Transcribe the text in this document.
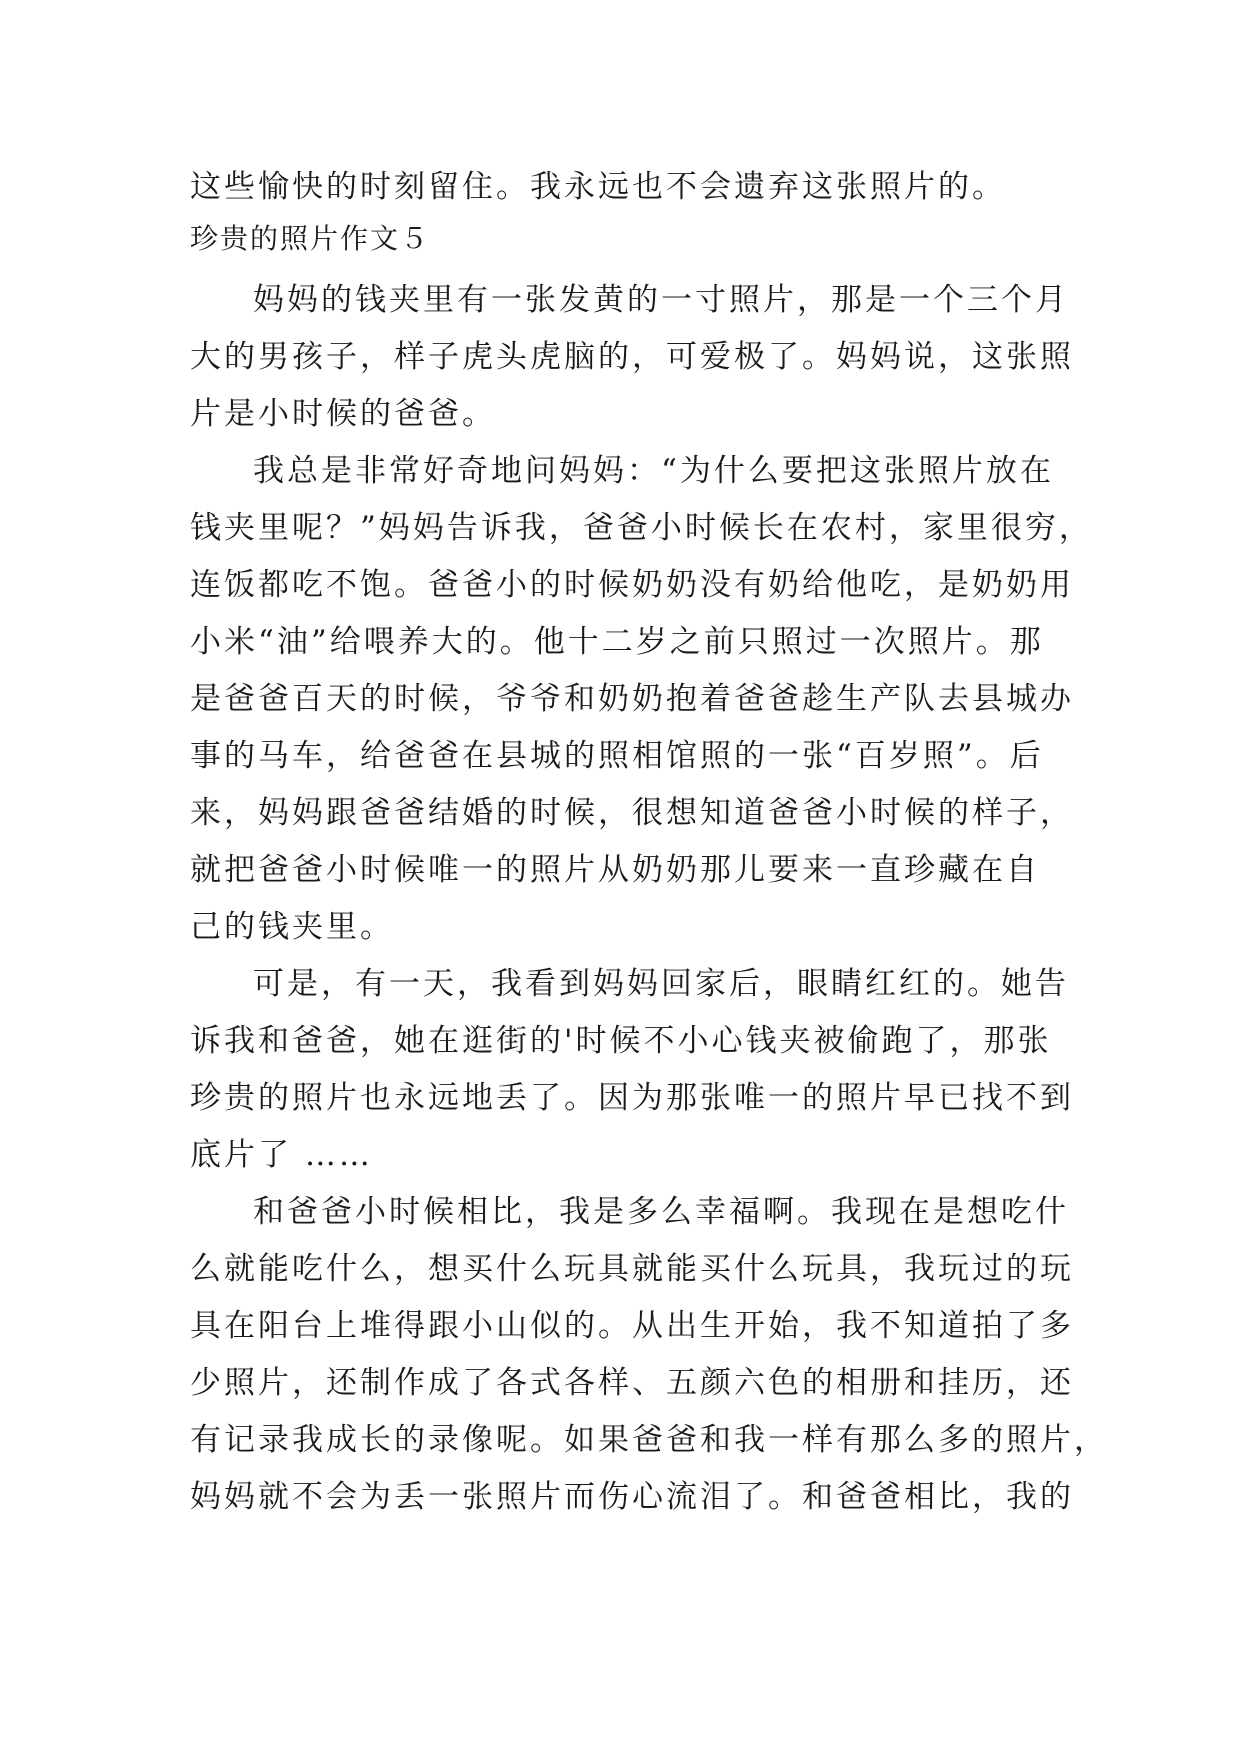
这些愉快的时刻留住。我永远也不会遗弃这张照片的。
珍贵的照片作文５
妈妈的钱夹里有一张发黄的一寸照片，那是一个三个月
大的男孩子，样子虎头虎脑的，可爱极了。妈妈说，这张照
片是小时候的爸爸。
我总是非常好奇地问妈妈：“为什么要把这张照片放在
钱夹里呢？”妈妈告诉我，爸爸小时候长在农村，家里很穷，
连饭都吃不饱。爸爸小的时候奶奶没有奶给他吃，是奶奶用
小米“油”给喂养大的。他十二岁之前只照过一次照片。那
是爸爸百天的时候，爷爷和奶奶抱着爸爸趁生产队去县城办
事的马车，给爸爸在县城的照相馆照的一张“百岁照”。后
来，妈妈跟爸爸结婚的时候，很想知道爸爸小时候的样子，
就把爸爸小时候唯一的照片从奶奶那儿要来一直珍藏在自
己的钱夹里。
可是，有一天，我看到妈妈回家后，眼睛红红的。她告
诉我和爸爸，她在逛街的'时候不小心钱夹被偷跑了，那张
珍贵的照片也永远地丢了。因为那张唯一的照片早已找不到
底片了 ……
和爸爸小时候相比，我是多么幸福啊。我现在是想吃什
么就能吃什么，想买什么玩具就能买什么玩具，我玩过的玩
具在阳台上堆得跟小山似的。从出生开始，我不知道拍了多
少照片，还制作成了各式各样、五颜六色的相册和挂历，还
有记录我成长的录像呢。如果爸爸和我一样有那么多的照片，
妈妈就不会为丢一张照片而伤心流泪了。和爸爸相比，我的
